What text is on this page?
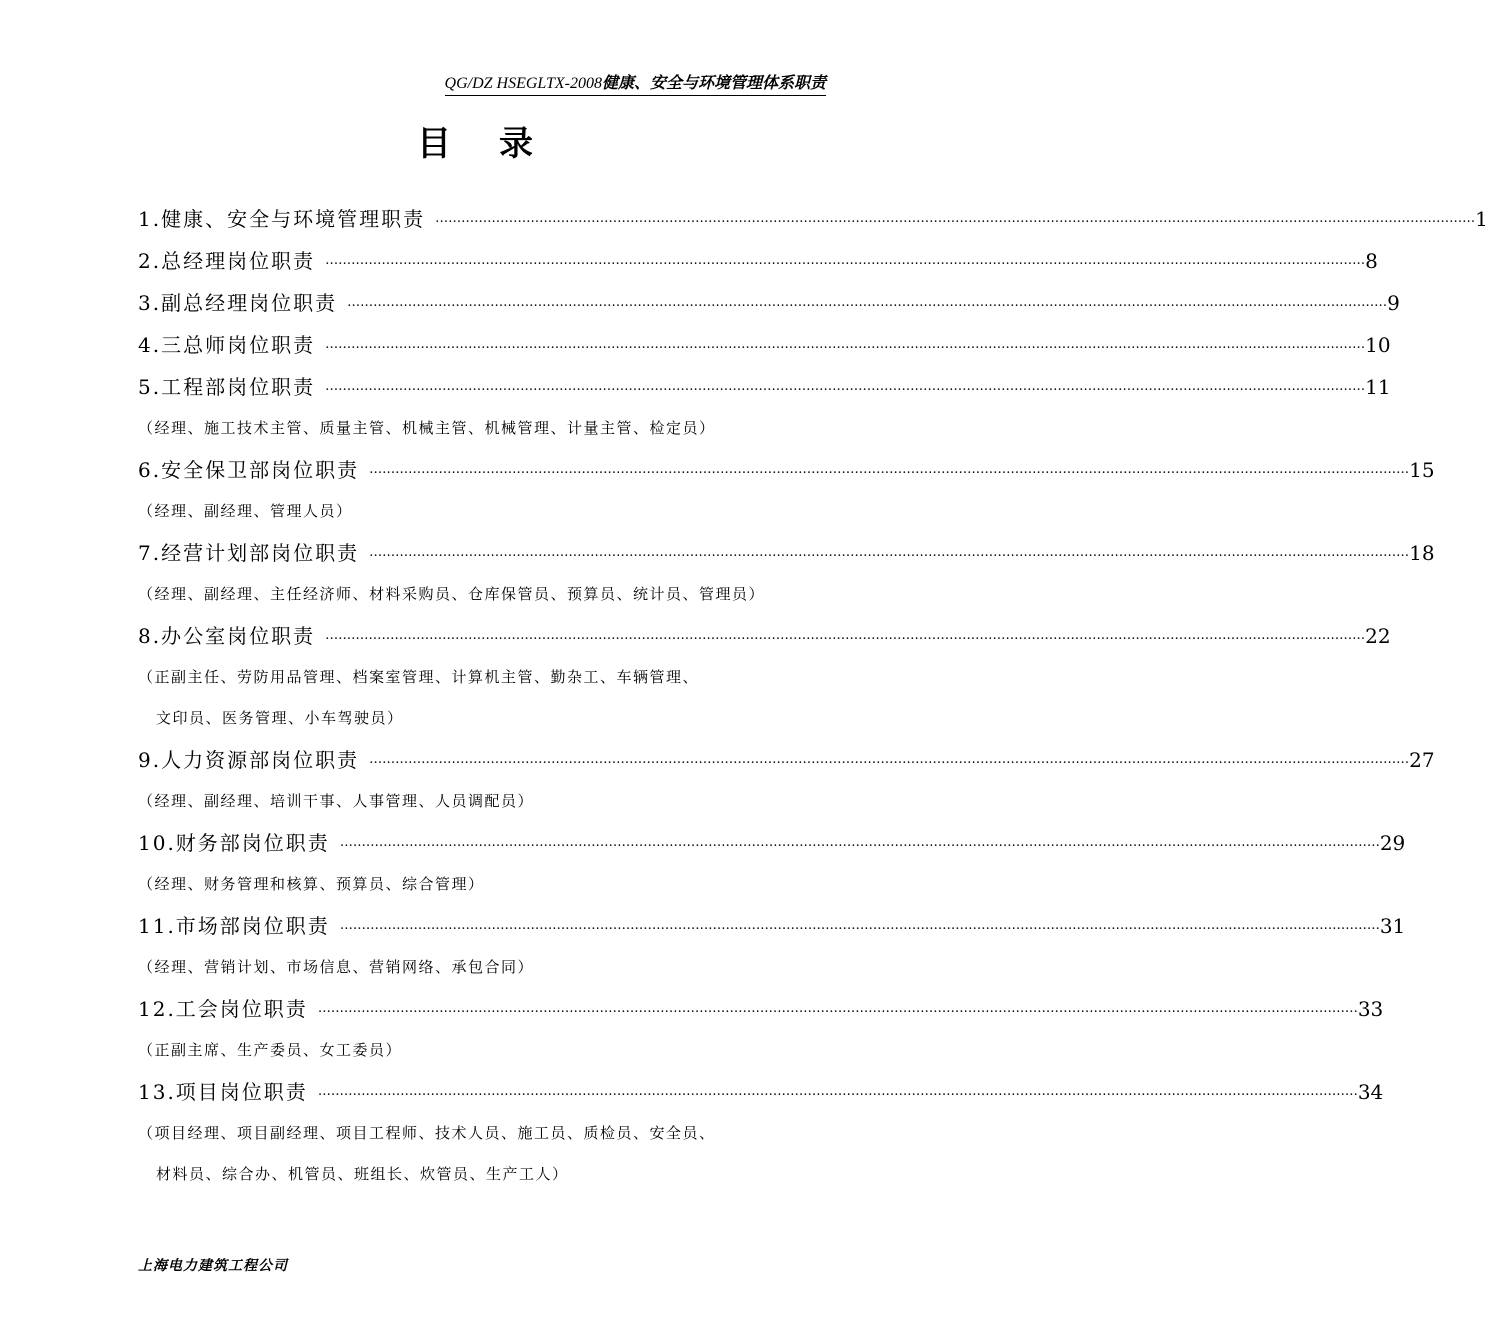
QG/DZ HSEGLTX-2008健康、安全与环境管理体系职责
目录
1.健康、安全与环境管理职责 …………………………………………………………………………………………………………………………………………………………………………………………………………………… 1
2.总经理岗位职责 …………………………………………………………………………………………………………………………………………………………………………………………………………………… 8
3.副总经理岗位职责 …………………………………………………………………………………………………………………………………………………………………………………………………………………… 9
4.三总师岗位职责 …………………………………………………………………………………………………………………………………………………………………………………………………………………… 10
5.工程部岗位职责 …………………………………………………………………………………………………………………………………………………………………………………………………………………… 11
（经理、施工技术主管、质量主管、机械主管、机械管理、计量主管、检定员）
6.安全保卫部岗位职责 …………………………………………………………………………………………………………………………………………………………………………………………………………………… 15
（经理、副经理、管理人员）
7.经营计划部岗位职责 …………………………………………………………………………………………………………………………………………………………………………………………………………………… 18
（经理、副经理、主任经济师、材料采购员、仓库保管员、预算员、统计员、管理员）
8.办公室岗位职责 …………………………………………………………………………………………………………………………………………………………………………………………………………………… 22
（正副主任、劳防用品管理、档案室管理、计算机主管、勤杂工、车辆管理、
文印员、医务管理、小车驾驶员）
9.人力资源部岗位职责 …………………………………………………………………………………………………………………………………………………………………………………………………………………… 27
（经理、副经理、培训干事、人事管理、人员调配员）
10.财务部岗位职责 …………………………………………………………………………………………………………………………………………………………………………………………………………………… 29
（经理、财务管理和核算、预算员、综合管理）
11.市场部岗位职责 …………………………………………………………………………………………………………………………………………………………………………………………………………………… 31
（经理、营销计划、市场信息、营销网络、承包合同）
12.工会岗位职责 …………………………………………………………………………………………………………………………………………………………………………………………………………………… 33
（正副主席、生产委员、女工委员）
13.项目岗位职责 …………………………………………………………………………………………………………………………………………………………………………………………………………………… 34
（项目经理、项目副经理、项目工程师、技术人员、施工员、质检员、安全员、
材料员、综合办、机管员、班组长、炊管员、生产工人）
上海电力建筑工程公司
